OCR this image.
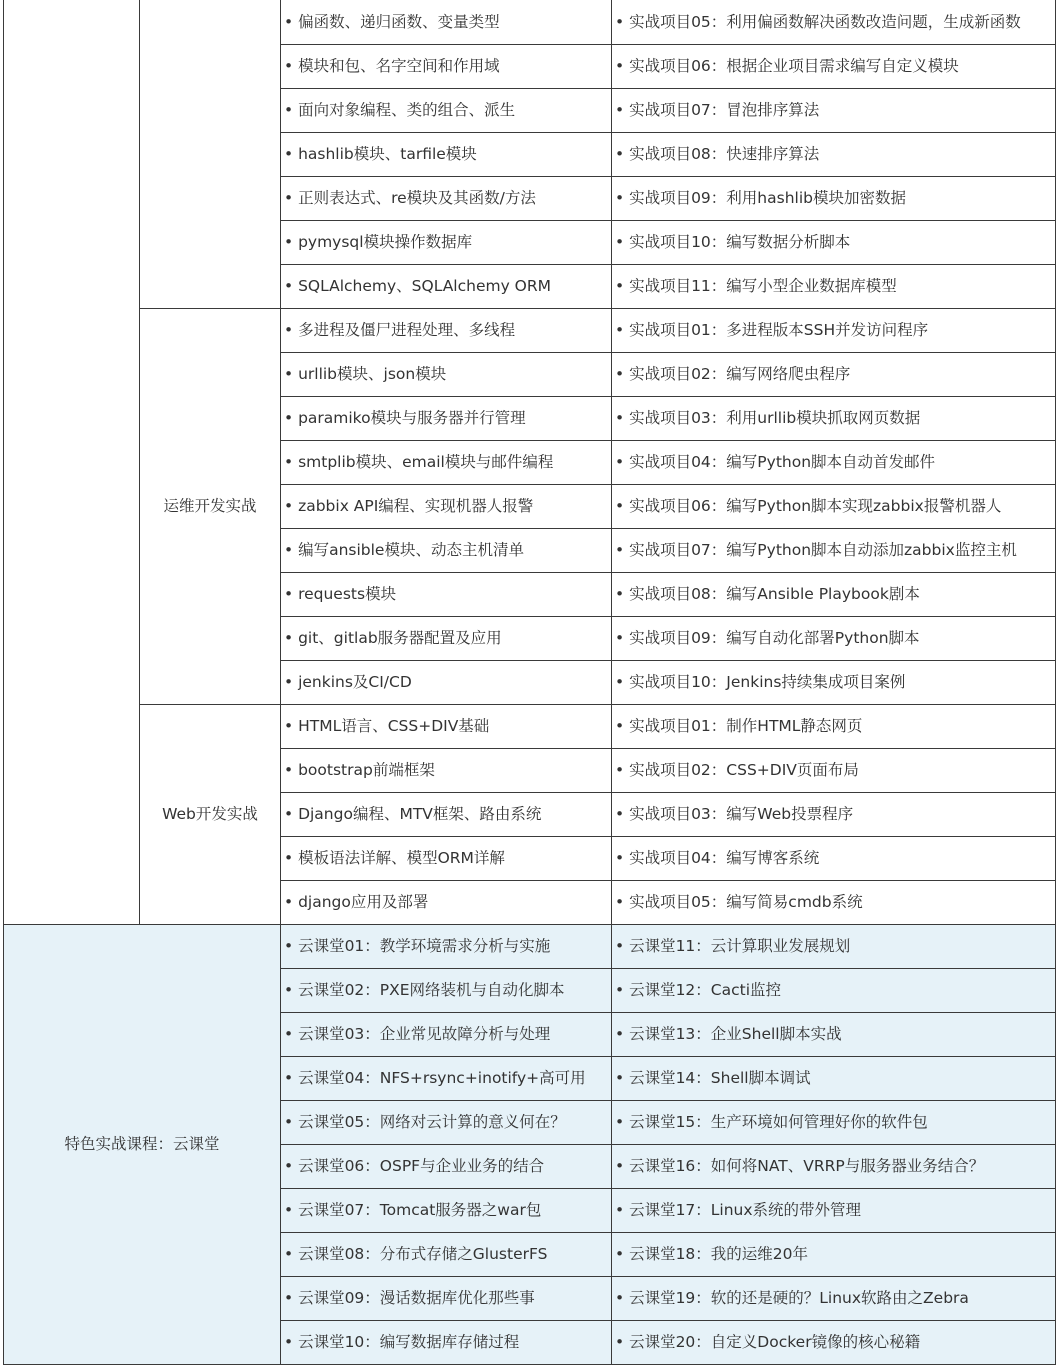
		• 偏函数、递归函数、变量类型	• 实战项目05：利用偏函数解决函数改造问题，生成新函数
		• 模块和包、名字空间和作用域	• 实战项目06：根据企业项目需求编写自定义模块
		• 面向对象编程、类的组合、派生	• 实战项目07：冒泡排序算法
		• hashlib模块、tarfile模块	• 实战项目08：快速排序算法
		• 正则表达式、re模块及其函数/方法	• 实战项目09：利用hashlib模块加密数据
		• pymysql模块操作数据库	• 实战项目10：编写数据分析脚本
		• SQLAlchemy、SQLAlchemy ORM	• 实战项目11：编写小型企业数据库模型
	运维开发实战	• 多进程及僵尸进程处理、多线程	• 实战项目01：多进程版本SSH并发访问程序
		• urllib模块、json模块	• 实战项目02：编写网络爬虫程序
		• paramiko模块与服务器并行管理	• 实战项目03：利用urllib模块抓取网页数据
		• smtplib模块、email模块与邮件编程	• 实战项目04：编写Python脚本自动首发邮件
		• zabbix API编程、实现机器人报警	• 实战项目06：编写Python脚本实现zabbix报警机器人
		• 编写ansible模块、动态主机清单	• 实战项目07：编写Python脚本自动添加zabbix监控主机
		• requests模块	• 实战项目08：编写Ansible Playbook剧本
		• git、gitlab服务器配置及应用	• 实战项目09：编写自动化部署Python脚本
		• jenkins及CI/CD	• 实战项目10：Jenkins持续集成项目案例
	Web开发实战	• HTML语言、CSS+DIV基础	• 实战项目01：制作HTML静态网页
		• bootstrap前端框架	• 实战项目02：CSS+DIV页面布局
		• Django编程、MTV框架、路由系统	• 实战项目03：编写Web投票程序
		• 模板语法详解、模型ORM详解	• 实战项目04：编写博客系统
		• django应用及部署	• 实战项目05：编写简易cmdb系统
特色实战课程：云课堂		• 云课堂01：教学环境需求分析与实施	• 云课堂11：云计算职业发展规划
		• 云课堂02：PXE网络装机与自动化脚本	• 云课堂12：Cacti监控
		• 云课堂03：企业常见故障分析与处理	• 云课堂13：企业Shell脚本实战
		• 云课堂04：NFS+rsync+inotify+高可用	• 云课堂14：Shell脚本调试
		• 云课堂05：网络对云计算的意义何在？	• 云课堂15：生产环境如何管理好你的软件包
		• 云课堂06：OSPF与企业业务的结合	• 云课堂16：如何将NAT、VRRP与服务器业务结合？
		• 云课堂07：Tomcat服务器之war包	• 云课堂17：Linux系统的带外管理
		• 云课堂08：分布式存储之GlusterFS	• 云课堂18：我的运维20年
		• 云课堂09：漫话数据库优化那些事	• 云课堂19：软的还是硬的？Linux软路由之Zebra
		• 云课堂10：编写数据库存储过程	• 云课堂20：自定义Docker镜像的核心秘籍
